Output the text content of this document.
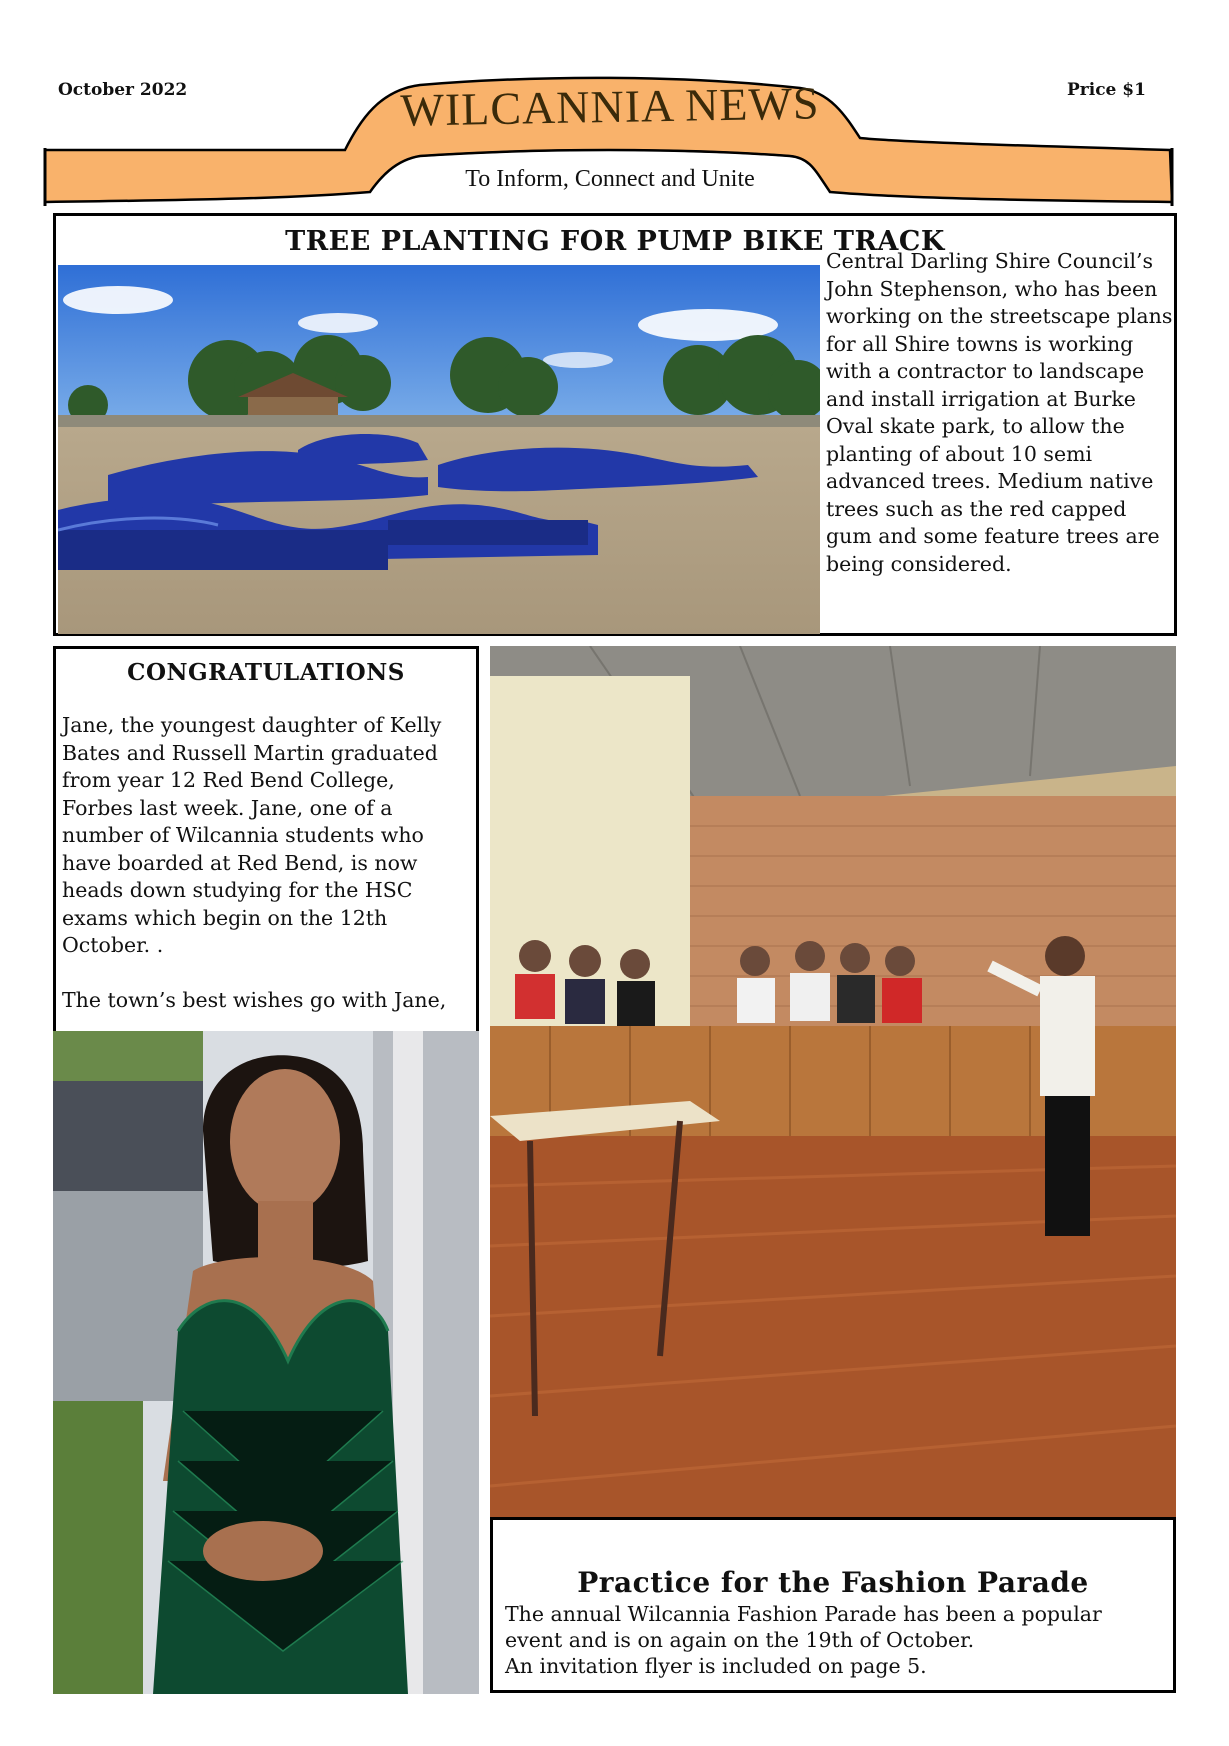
October 2022	Price $1
WILCANNIA NEWS
To Inform, Connect and Unite
TREE PLANTING FOR PUMP BIKE TRACK
Central Darling Shire Council’s John Stephenson, who has been working on the streetscape plans for all Shire towns is working with a contractor to landscape and install irrigation at Burke Oval skate park, to allow the planting of about 10 semi advanced trees. Medium native trees such as the red capped gum and some feature trees are being considered.
CONGRATULATIONS
Jane, the youngest daughter of Kelly Bates and Russell Martin graduated from year 12 Red Bend College, Forbes last week. Jane, one of a number of Wilcannia students who have boarded at Red Bend, is now heads down studying for the HSC exams which begin on the 12th October. .
The town’s best wishes go with Jane,
Practice for the Fashion Parade
The annual Wilcannia Fashion Parade has been a popular event and is on again on the 19th of October.
An invitation flyer is included on page 5.
